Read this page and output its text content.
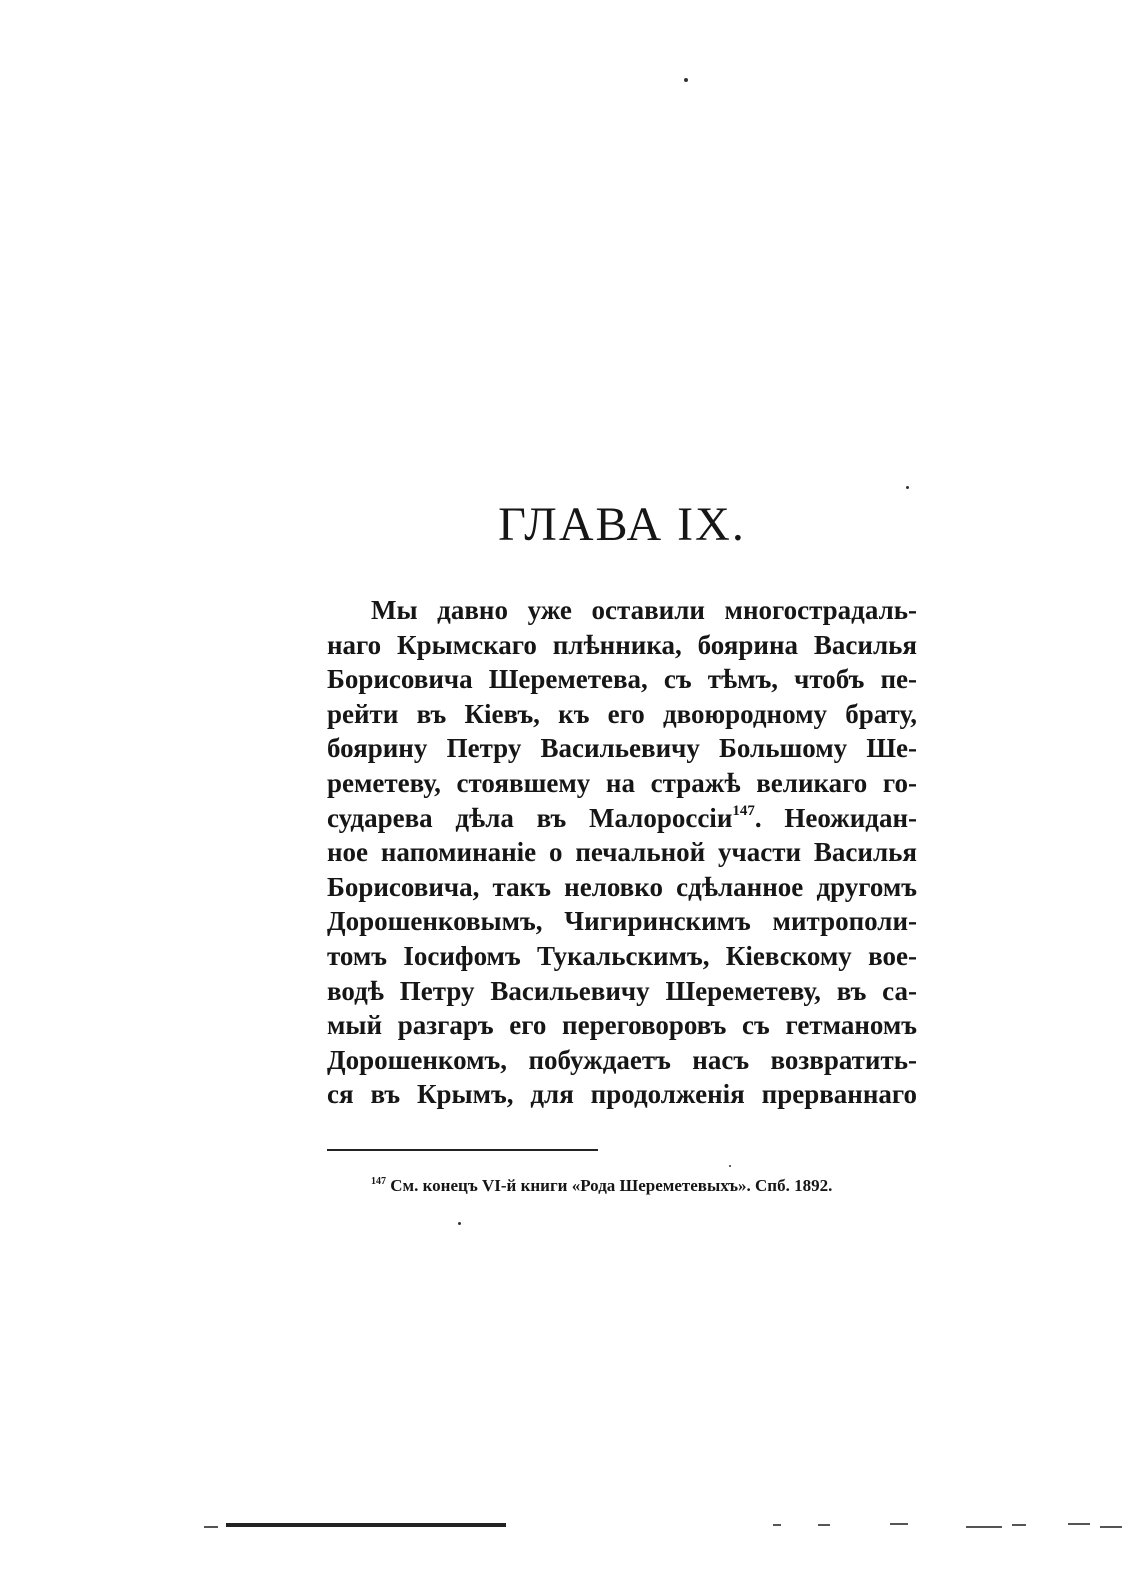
ГЛАВА IX.
Мы давно уже оставили многострадаль-
наго Крымскаго плѣнника, боярина Василья
Борисовича Шереметева, съ тѣмъ, чтобъ пе-
рейти въ Кіевъ, къ его двоюродному брату,
боярину Петру Васильевичу Большому Ше-
реметеву, стоявшему на стражѣ великаго го-
сударева дѣла въ Малороссіи$^{147}$. Неожидан-
ное напоминаніе о печальной участи Василья
Борисовича, такъ неловко сдѣланное другомъ
Дорошенковымъ, Чигиринскимъ митрополи-
томъ Іосифомъ Тукальскимъ, Кіевскому вое-
водѣ Петру Васильевичу Шереметеву, въ са-
мый разгаръ его переговоровъ съ гетманомъ
Дорошенкомъ, побуждаетъ насъ возвратить-
ся въ Крымъ, для продолженія прерваннаго
$^{147}$ См. конецъ VI-й книги «Рода Шереметевыхъ». Спб. 1892.
